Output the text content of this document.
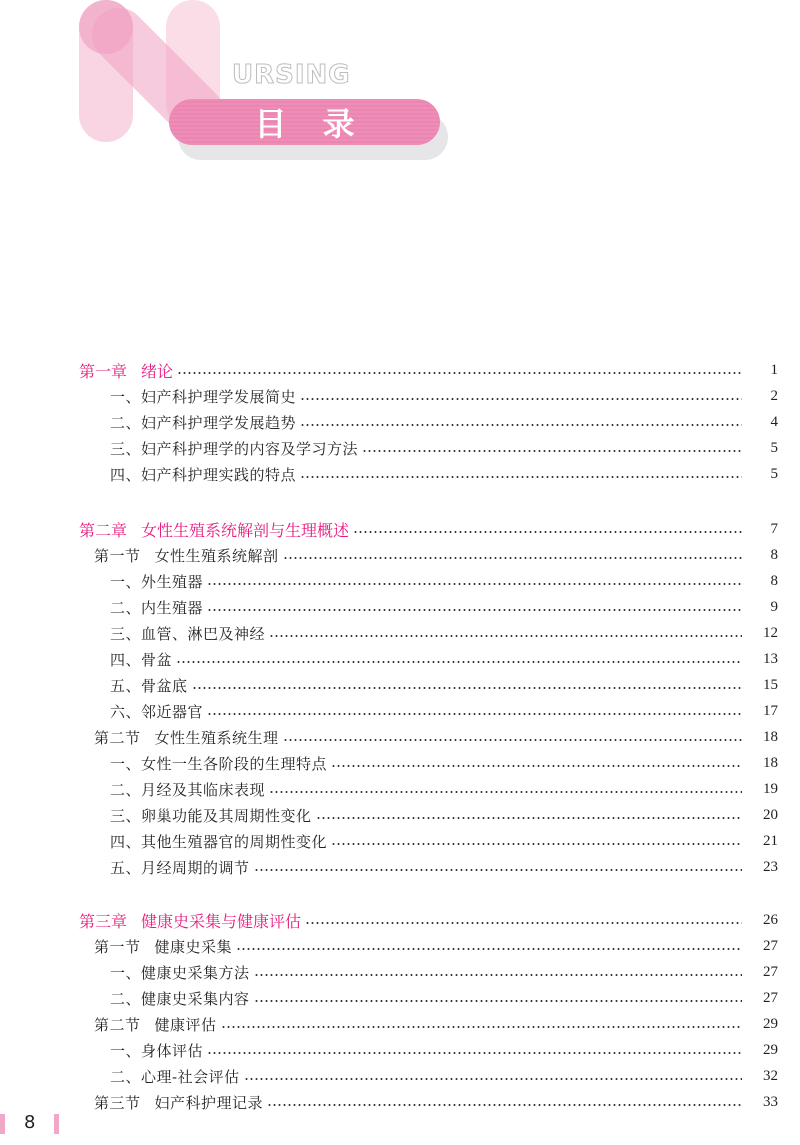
URSING
目录
第一章 绪论	1
一、妇产科护理学发展简史	2
二、妇产科护理学发展趋势	4
三、妇产科护理学的内容及学习方法	5
四、妇产科护理实践的特点	5
第二章 女性生殖系统解剖与生理概述	7
第一节 女性生殖系统解剖	8
一、外生殖器	8
二、内生殖器	9
三、血管、淋巴及神经	12
四、骨盆	13
五、骨盆底	15
六、邻近器官	17
第二节 女性生殖系统生理	18
一、女性一生各阶段的生理特点	18
二、月经及其临床表现	19
三、卵巢功能及其周期性变化	20
四、其他生殖器官的周期性变化	21
五、月经周期的调节	23
第三章 健康史采集与健康评估	26
第一节 健康史采集	27
一、健康史采集方法	27
二、健康史采集内容	27
第二节 健康评估	29
一、身体评估	29
二、心理-社会评估	32
第三节 妇产科护理记录	33
8
